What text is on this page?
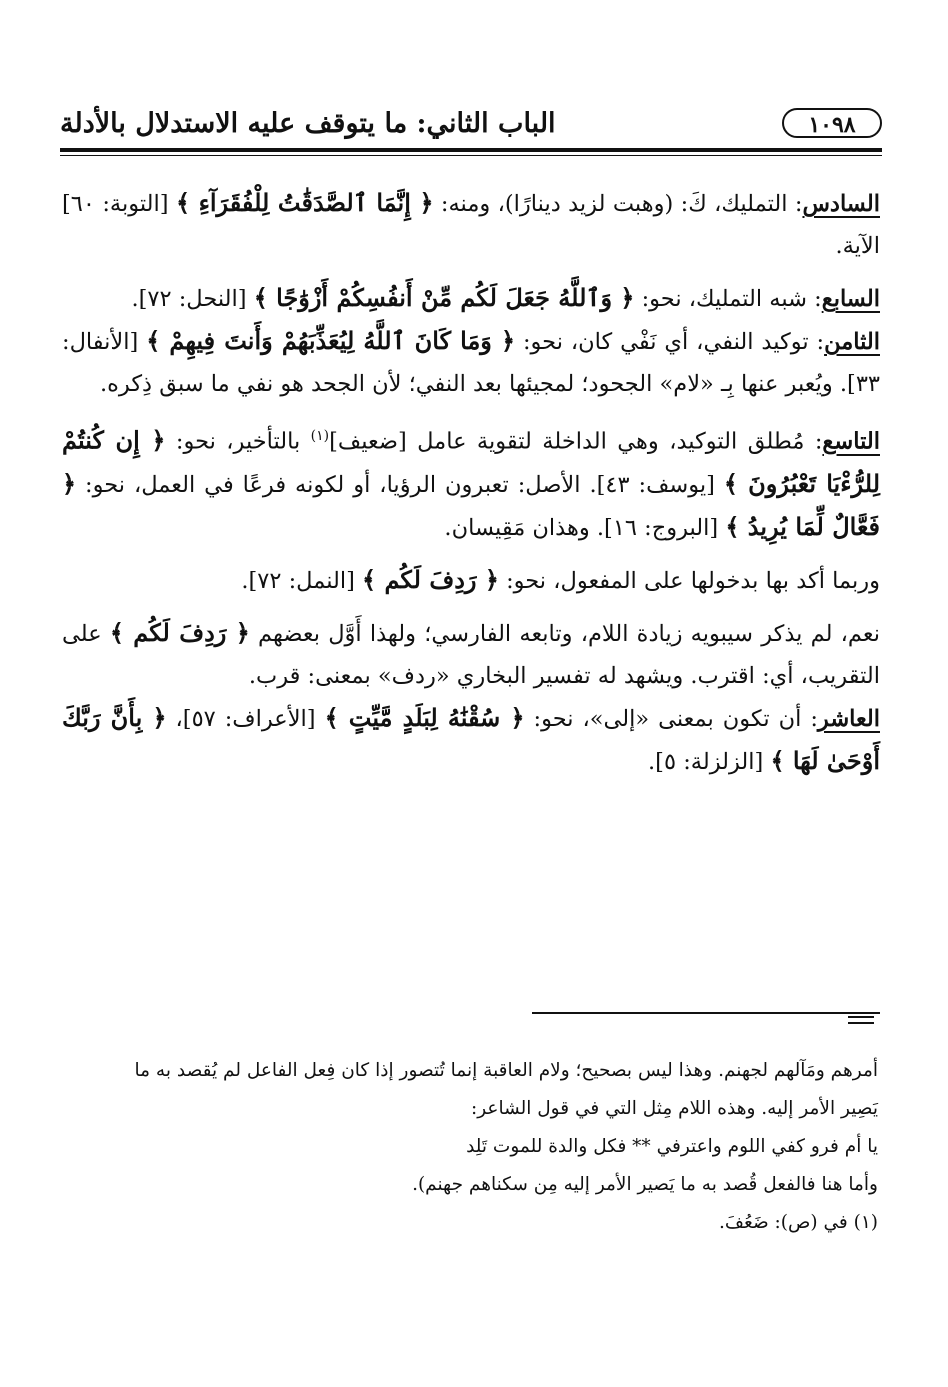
١٠٩٨
الباب الثاني: ما يتوقف عليه الاستدلال بالأدلة

السادس: التمليك، كَ: (وهبت لزيد دينارًا)، ومنه: ﴿ إِنَّمَا ٱلصَّدَقَٰتُ لِلْفُقَرَآءِ ﴾ [التوبة: ٦٠] الآية.

السابع: شبه التمليك، نحو: ﴿ وَٱللَّهُ جَعَلَ لَكُم مِّنْ أَنفُسِكُمْ أَزْوَٰجًا ﴾ [النحل: ٧٢].

الثامن: توكيد النفي، أي نَفْي كان، نحو: ﴿ وَمَا كَانَ ٱللَّهُ لِيُعَذِّبَهُمْ وَأَنتَ فِيهِمْ ﴾ [الأنفال: ٣٣]. ويُعبر عنها بِـ «لام» الجحود؛ لمجيئها بعد النفي؛ لأن الجحد هو نفي ما سبق ذِكره.

التاسع: مُطلق التوكيد، وهي الداخلة لتقوية عامل [ضعيف]$^{(١)}$ بالتأخير، نحو: ﴿ إِن كُنتُمْ لِلرُّءْيَا تَعْبُرُونَ ﴾ [يوسف: ٤٣]. الأصل: تعبرون الرؤيا، أو لكونه فرعًا في العمل، نحو: ﴿ فَعَّالٌ لِّمَا يُرِيدُ ﴾ [البروج: ١٦]. وهذان مَقِيسان.

وربما أكد بها بدخولها على المفعول، نحو: ﴿ رَدِفَ لَكُم ﴾ [النمل: ٧٢].

نعم، لم يذكر سيبويه زيادة اللام، وتابعه الفارسي؛ ولهذا أَوَّل بعضهم ﴿ رَدِفَ لَكُم ﴾ على التقريب، أي: اقترب. ويشهد له تفسير البخاري «ردف» بمعنى: قرب.

العاشر: أن تكون بمعنى «إلى»، نحو: ﴿ سُقْنَٰهُ لِبَلَدٍ مَّيِّتٍ ﴾ [الأعراف: ٥٧]، ﴿ بِأَنَّ رَبَّكَ أَوْحَىٰ لَهَا ﴾ [الزلزلة: ٥].

أمرهم ومَآلهم لجهنم. وهذا ليس بصحيح؛ ولام العاقبة إنما تُتصور إذا كان فِعل الفاعل لم يُقصد به ما

يَصِير الأمر إليه. وهذه اللام مِثل التي في قول الشاعر:

يا أم فرو كفي اللوم واعترفي ** فكل والدة للموت تَلِد

وأما هنا فالفعل قُصد به ما يَصير الأمر إليه مِن سكناهم جهنم).

(١) في (ص): ضَعُفَ.
